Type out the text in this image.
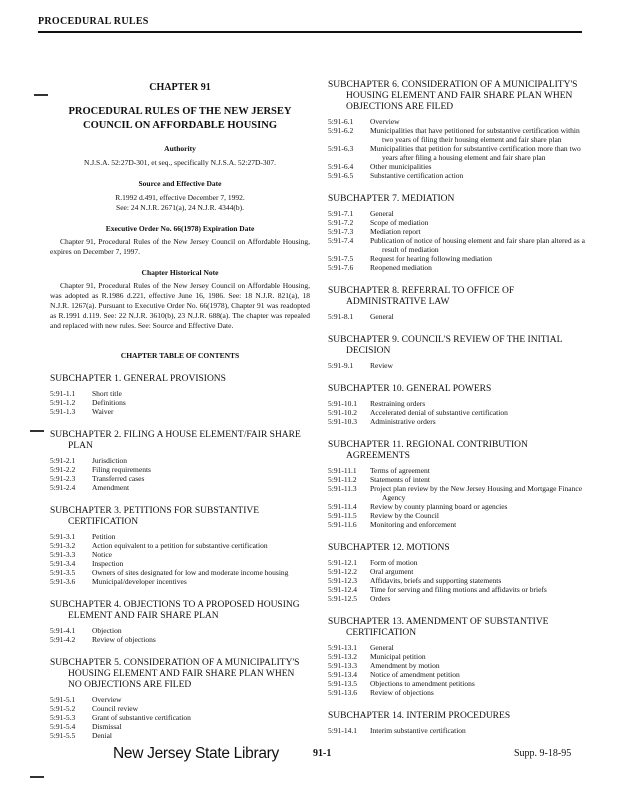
PROCEDURAL RULES
CHAPTER 91
PROCEDURAL RULES OF THE NEW JERSEY COUNCIL ON AFFORDABLE HOUSING
Authority
N.J.S.A. 52:27D-301, et seq., specifically N.J.S.A. 52:27D-307.
Source and Effective Date
R.1992 d.491, effective December 7, 1992.
See: 24 N.J.R. 2671(a), 24 N.J.R. 4344(b).
Executive Order No. 66(1978) Expiration Date
Chapter 91, Procedural Rules of the New Jersey Council on Affordable Housing, expires on December 7, 1997.
Chapter Historical Note
Chapter 91, Procedural Rules of the New Jersey Council on Affordable Housing, was adopted as R.1986 d.221, effective June 16, 1986. See: 18 N.J.R. 821(a), 18 N.J.R. 1267(a). Pursuant to Executive Order No. 66(1978), Chapter 91 was readopted as R.1991 d.119. See: 22 N.J.R. 3610(b), 23 N.J.R. 688(a). The chapter was repealed and replaced with new rules. See: Source and Effective Date.
CHAPTER TABLE OF CONTENTS
SUBCHAPTER 1. GENERAL PROVISIONS
5:91-1.1	Short title
5:91-1.2	Definitions
5:91-1.3	Waiver
SUBCHAPTER 2. FILING A HOUSE ELEMENT/FAIR SHARE PLAN
5:91-2.1	Jurisdiction
5:91-2.2	Filing requirements
5:91-2.3	Transferred cases
5:91-2.4	Amendment
SUBCHAPTER 3. PETITIONS FOR SUBSTANTIVE CERTIFICATION
5:91-3.1	Petition
5:91-3.2	Action equivalent to a petition for substantive certification
5:91-3.3	Notice
5:91-3.4	Inspection
5:91-3.5	Owners of sites designated for low and moderate income housing
5:91-3.6	Municipal/developer incentives
SUBCHAPTER 4. OBJECTIONS TO A PROPOSED HOUSING ELEMENT AND FAIR SHARE PLAN
5:91-4.1	Objection
5:91-4.2	Review of objections
SUBCHAPTER 5. CONSIDERATION OF A MUNICIPALITY'S HOUSING ELEMENT AND FAIR SHARE PLAN WHEN NO OBJECTIONS ARE FILED
5:91-5.1	Overview
5:91-5.2	Council review
5:91-5.3	Grant of substantive certification
5:91-5.4	Dismissal
5:91-5.5	Denial
SUBCHAPTER 6. CONSIDERATION OF A MUNICIPALITY'S HOUSING ELEMENT AND FAIR SHARE PLAN WHEN OBJECTIONS ARE FILED
5:91-6.1	Overview
5:91-6.2	Municipalities that have petitioned for substantive certification within two years of filing their housing element and fair share plan
5:91-6.3	Municipalities that petition for substantive certification more than two years after filing a housing element and fair share plan
5:91-6.4	Other municipalities
5:91-6.5	Substantive certification action
SUBCHAPTER 7. MEDIATION
5:91-7.1	General
5:91-7.2	Scope of mediation
5:91-7.3	Mediation report
5:91-7.4	Publication of notice of housing element and fair share plan altered as a result of mediation
5:91-7.5	Request for hearing following mediation
5:91-7.6	Reopened mediation
SUBCHAPTER 8. REFERRAL TO OFFICE OF ADMINISTRATIVE LAW
5:91-8.1	General
SUBCHAPTER 9. COUNCIL'S REVIEW OF THE INITIAL DECISION
5:91-9.1	Review
SUBCHAPTER 10. GENERAL POWERS
5:91-10.1	Restraining orders
5:91-10.2	Accelerated denial of substantive certification
5:91-10.3	Administrative orders
SUBCHAPTER 11. REGIONAL CONTRIBUTION AGREEMENTS
5:91-11.1	Terms of agreement
5:91-11.2	Statements of intent
5:91-11.3	Project plan review by the New Jersey Housing and Mortgage Finance Agency
5:91-11.4	Review by county planning board or agencies
5:91-11.5	Review by the Council
5:91-11.6	Monitoring and enforcement
SUBCHAPTER 12. MOTIONS
5:91-12.1	Form of motion
5:91-12.2	Oral argument
5:91-12.3	Affidavits, briefs and supporting statements
5:91-12.4	Time for serving and filing motions and affidavits or briefs
5:91-12.5	Orders
SUBCHAPTER 13. AMENDMENT OF SUBSTANTIVE CERTIFICATION
5:91-13.1	General
5:91-13.2	Municipal petition
5:91-13.3	Amendment by motion
5:91-13.4	Notice of amendment petition
5:91-13.5	Objections to amendment petitions
5:91-13.6	Review of objections
SUBCHAPTER 14. INTERIM PROCEDURES
5:91-14.1	Interim substantive certification
New Jersey State Library	91-1	Supp. 9-18-95
